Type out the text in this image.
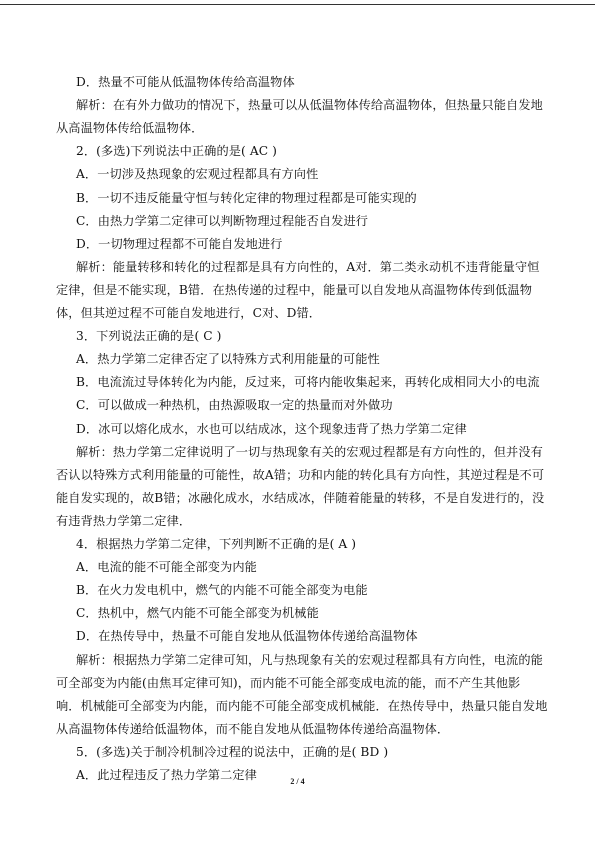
D．热量不可能从低温物体传给高温物体
解析：在有外力做功的情况下，热量可以从低温物体传给高温物体，但热量只能自发地
从高温物体传给低温物体．
2．(多选)下列说法中正确的是( AC )
A．一切涉及热现象的宏观过程都具有方向性
B．一切不违反能量守恒与转化定律的物理过程都是可能实现的
C．由热力学第二定律可以判断物理过程能否自发进行
D．一切物理过程都不可能自发地进行
解析：能量转移和转化的过程都是具有方向性的，A对．第二类永动机不违背能量守恒
定律，但是不能实现，B错．在热传递的过程中，能量可以自发地从高温物体传到低温物
体，但其逆过程不可能自发地进行，C对、D错．
3．下列说法正确的是( C )
A．热力学第二定律否定了以特殊方式利用能量的可能性
B．电流流过导体转化为内能，反过来，可将内能收集起来，再转化成相同大小的电流
C．可以做成一种热机，由热源吸取一定的热量而对外做功
D．冰可以熔化成水，水也可以结成冰，这个现象违背了热力学第二定律
解析：热力学第二定律说明了一切与热现象有关的宏观过程都是有方向性的，但并没有
否认以特殊方式利用能量的可能性，故A错；功和内能的转化具有方向性，其逆过程是不可
能自发实现的，故B错；冰融化成水，水结成冰，伴随着能量的转移，不是自发进行的，没
有违背热力学第二定律．
4．根据热力学第二定律，下列判断不正确的是( A )
A．电流的能不可能全部变为内能
B．在火力发电机中，燃气的内能不可能全部变为电能
C．热机中，燃气内能不可能全部变为机械能
D．在热传导中，热量不可能自发地从低温物体传递给高温物体
解析：根据热力学第二定律可知，凡与热现象有关的宏观过程都具有方向性，电流的能
可全部变为内能(由焦耳定律可知)，而内能不可能全部变成电流的能，而不产生其他影
响．机械能可全部变为内能，而内能不可能全部变成机械能．在热传导中，热量只能自发地
从高温物体传递给低温物体，而不能自发地从低温物体传递给高温物体．
5．(多选)关于制冷机制冷过程的说法中，正确的是( BD )
A．此过程违反了热力学第二定律	2 / 4
